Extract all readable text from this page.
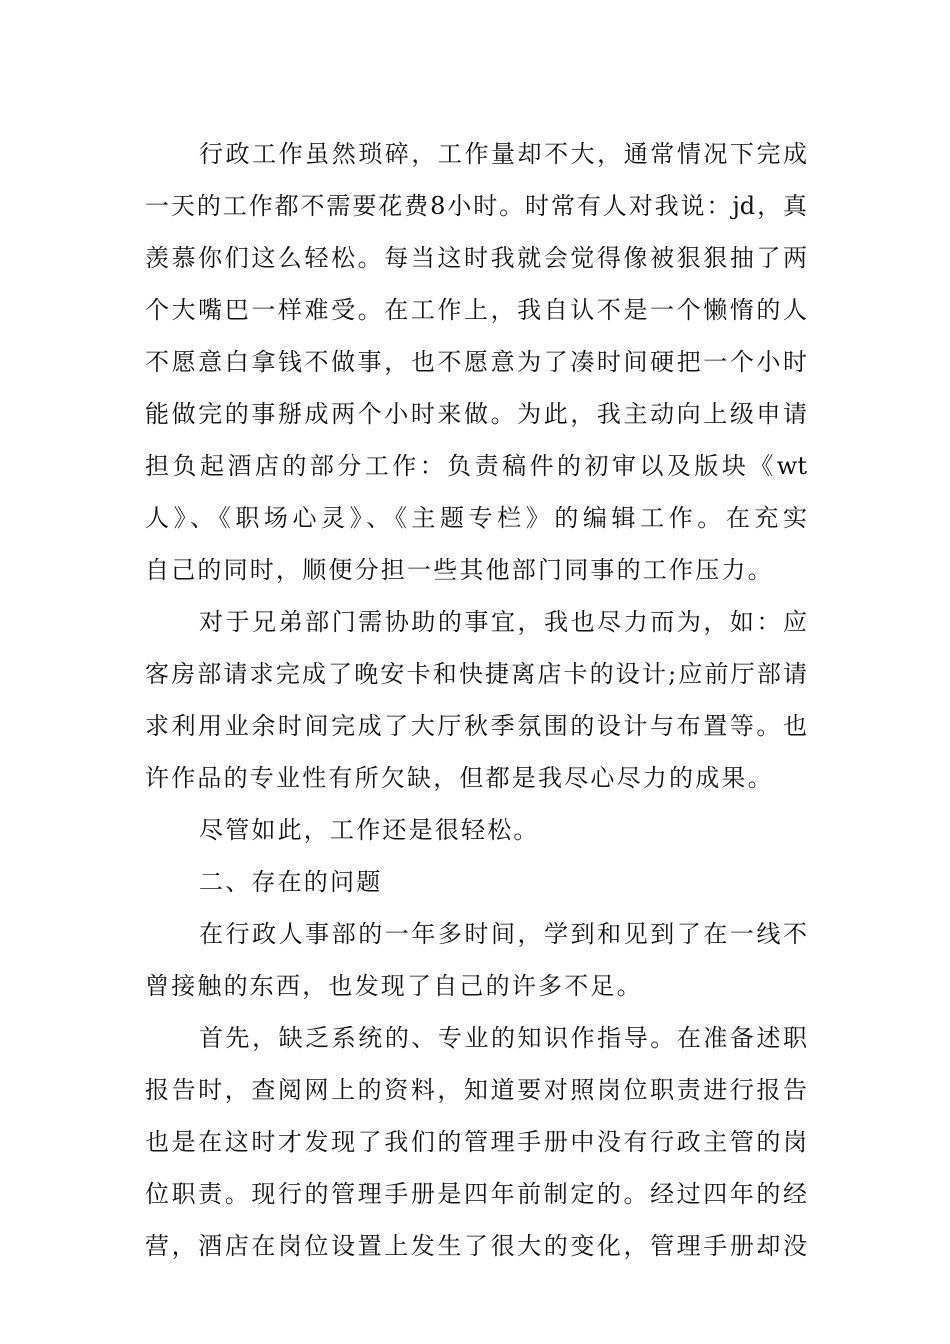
行政工作虽然琐碎，工作量却不大，通常情况下完成
一天的工作都不需要花费8小时。时常有人对我说：jd，真
羡慕你们这么轻松。每当这时我就会觉得像被狠狠抽了两
个大嘴巴一样难受。在工作上，我自认不是一个懒惰的人
不愿意白拿钱不做事，也不愿意为了凑时间硬把一个小时
能做完的事掰成两个小时来做。为此，我主动向上级申请
担负起酒店的部分工作：负责稿件的初审以及版块《wt
人》、《职场心灵》、《主题专栏》的编辑工作。在充实
自己的同时，顺便分担一些其他部门同事的工作压力。
对于兄弟部门需协助的事宜，我也尽力而为，如：应
客房部请求完成了晚安卡和快捷离店卡的设计;应前厅部请
求利用业余时间完成了大厅秋季氛围的设计与布置等。也
许作品的专业性有所欠缺，但都是我尽心尽力的成果。
尽管如此，工作还是很轻松。
二、存在的问题
在行政人事部的一年多时间，学到和见到了在一线不
曾接触的东西，也发现了自己的许多不足。
首先，缺乏系统的、专业的知识作指导。在准备述职
报告时，查阅网上的资料，知道要对照岗位职责进行报告
也是在这时才发现了我们的管理手册中没有行政主管的岗
位职责。现行的管理手册是四年前制定的。经过四年的经
营，酒店在岗位设置上发生了很大的变化，管理手册却没
